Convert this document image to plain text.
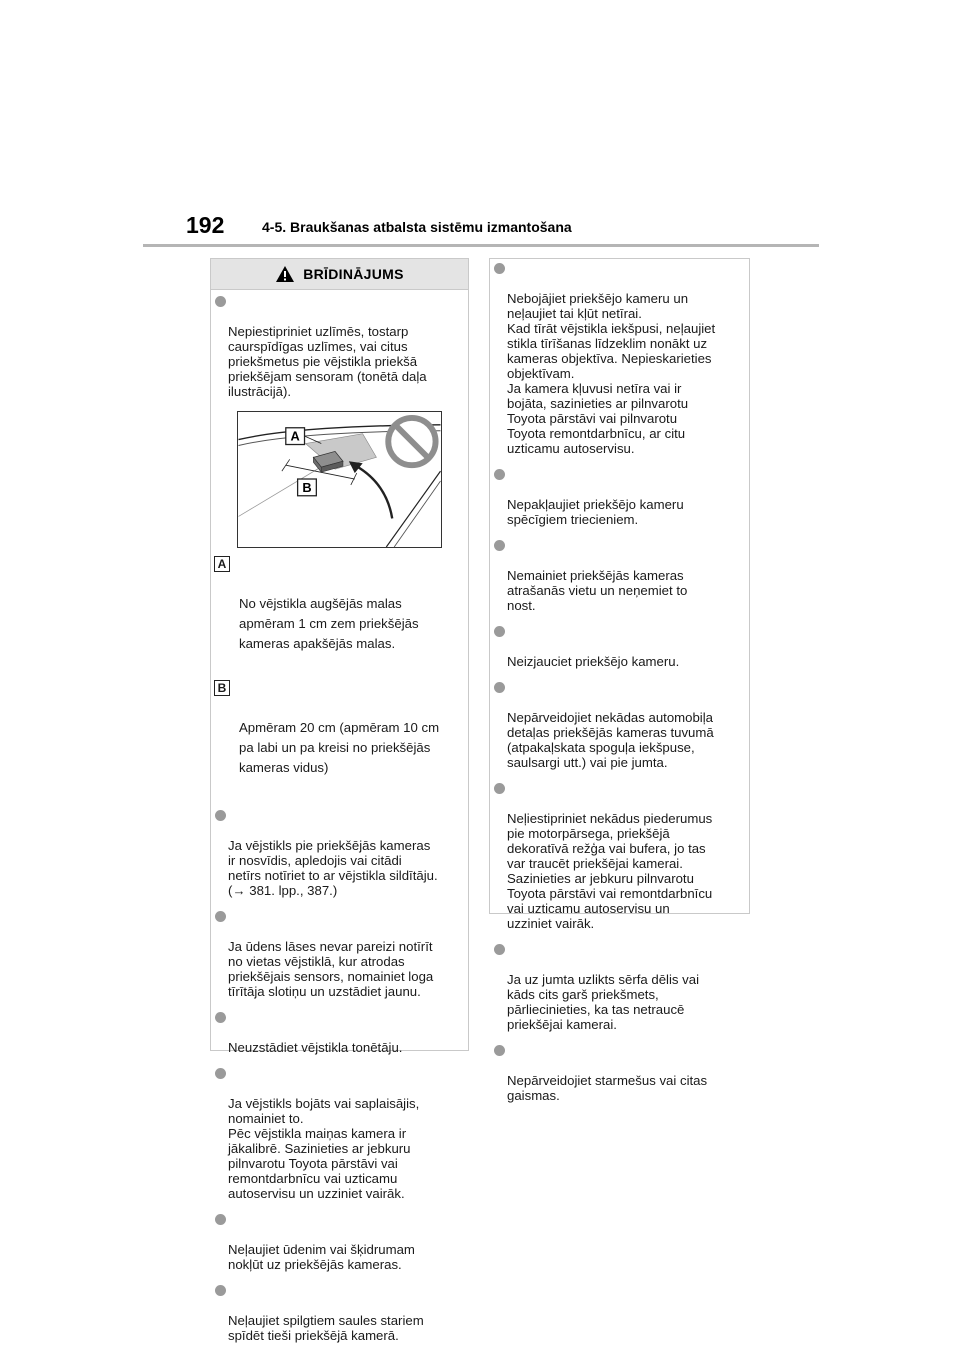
192	4-5. Braukšanas atbalsta sistēmu izmantošana
BRĪDINĀJUMS

Nepiestipriniet uzlīmēs, tostarp
caurspīdīgas uzlīmes, vai citus
priekšmetus pie vējstikla priekšā
priekšējam sensoram (tonētā daļa
ilustrācijā).

A
B

A

No vējstikla augšējās malas
apmēram 1 cm zem priekšējās
kameras apakšējās malas.

B

Apmēram 20 cm (apmēram 10 cm
pa labi un pa kreisi no priekšējās
kameras vidus)

Ja vējstikls pie priekšējās kameras
ir nosvīdis, apledojis vai citādi
netīrs notīriet to ar vējstikla sildītāju.
(→ 381. lpp., 387.)

Ja ūdens lāses nevar pareizi notīrīt
no vietas vējstiklā, kur atrodas
priekšējais sensors, nomainiet loga
tīrītāja slotiņu un uzstādiet jaunu.

Neuzstādiet vējstikla tonētāju.

Ja vējstikls bojāts vai saplaisājis,
nomainiet to.
Pēc vējstikla maiņas kamera ir
jākalibrē. Sazinieties ar jebkuru
pilnvarotu Toyota pārstāvi vai
remontdarbnīcu vai uzticamu
autoservisu un uzziniet vairāk.

Neļaujiet ūdenim vai šķidrumam
nokļūt uz priekšējās kameras.

Neļaujiet spilgtiem saules stariem
spīdēt tieši priekšējā kamerā.

Nebojājiet priekšējo kameru un
neļaujiet tai kļūt netīrai.
Kad tīrāt vējstikla iekšpusi, neļaujiet
stikla tīrīšanas līdzeklim nonākt uz
kameras objektīva. Nepieskarieties
objektīvam.
Ja kamera kļuvusi netīra vai ir
bojāta, sazinieties ar pilnvarotu
Toyota pārstāvi vai pilnvarotu
Toyota remontdarbnīcu, ar citu
uzticamu autoservisu.

Nepakļaujiet priekšējo kameru
spēcīgiem triecieniem.

Nemainiet priekšējās kameras
atrašanās vietu un neņemiet to
nost.

Neizjauciet priekšējo kameru.

Nepārveidojiet nekādas automobiļa
detaļas priekšējās kameras tuvumā
(atpakaļskata spoguļa iekšpuse,
saulsargi utt.) vai pie jumta.

Neļiestipriniet nekādus piederumus
pie motorpārsega, priekšējā
dekoratīvā režģa vai bufera, jo tas
var traucēt priekšējai kamerai.
Sazinieties ar jebkuru pilnvarotu
Toyota pārstāvi vai remontdarbnīcu
vai uzticamu autoservisu un
uzziniet vairāk.

Ja uz jumta uzlikts sērfa dēlis vai
kāds cits garš priekšmets,
pārliecinieties, ka tas netraucē
priekšējai kamerai.

Nepārveidojiet starmešus vai citas
gaismas.
